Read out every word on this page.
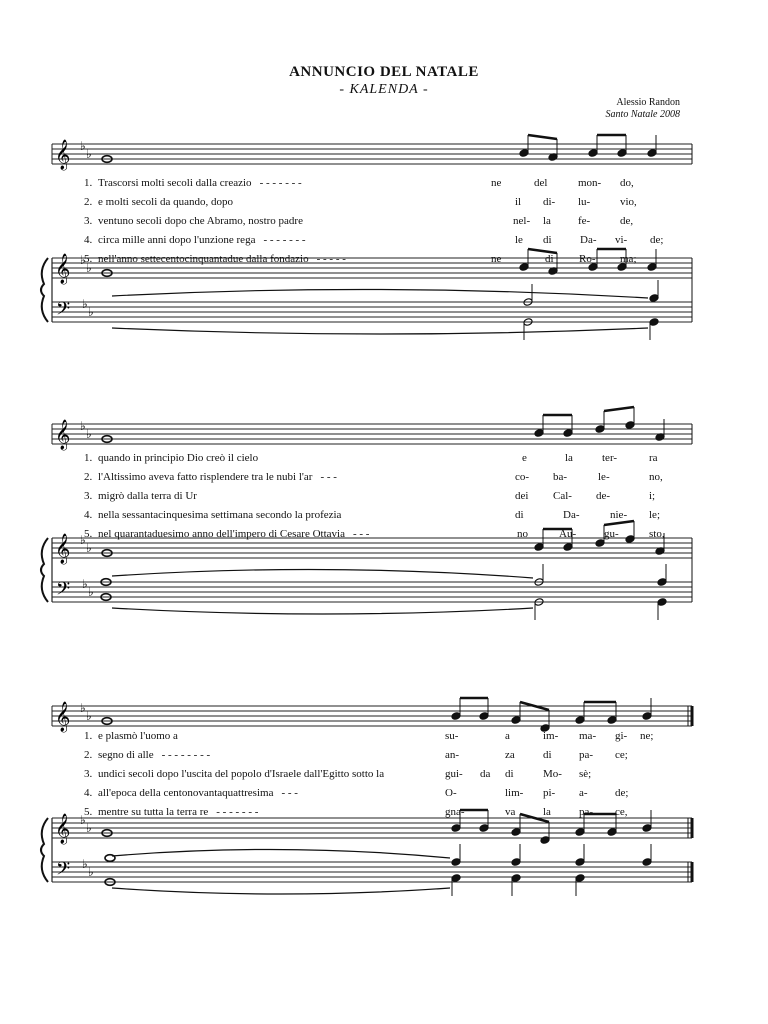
𝄞 ♭
♭
𝄞 ♭
♭
𝄢 ♭
♭
𝄞 ♭
♭
𝄞 ♭
♭
𝄢 ♭
♭
𝄞 ♭
♭
𝄞 ♭
♭
𝄢 ♭
♭
ANNUNCIO DEL NATALE
- KALENDA -
Alessio Randon
Santo Natale 2008
1. Trascorsi molti secoli dalla creazio - - - - - - -	ne	del	mon- do,
2. e molti secoli da quando, dopo	il di- lu-	vio,
3. ventuno secoli dopo che Abramo, nostro padre	nel- la fe-	de,
4. circa mille anni dopo l'unzione rega - - - - - - -	le di	Da- vi- de;
5. nell'anno settecentocinquantadue dalla fondazio - - - - -	ne	di Ro- ma;
1. quando in principio Dio creò il cielo	e	la	ter-	ra
2. l'Altissimo aveva fatto risplendere tra le nubi l'ar - - -	co- ba-	le-	no,
3. migrò dalla terra di Ur	dei Cal- de-	i;
4. nella sessantacinquesima settimana secondo la profezia	di	Da-	nie- le;
5. nel quarantaduesimo anno dell'impero di Cesare Ottavia - - -	no	Au-	gu-	sto,
1. e plasmò l'uomo a	su-	a	im- ma- gi- ne;
2. segno di alle - - - - - - - -	an-	za	di pa- ce;
3. undici secoli dopo l'uscita del popolo d'Israele dall'Egitto sotto la	gui- da di	Mo- sè;
4. all'epoca della centonovantaquattresima - - -	O-	lim- pi- a- de;
5. mentre su tutta la terra re - - - - - - -	gna-	va	la	pa- ce,
